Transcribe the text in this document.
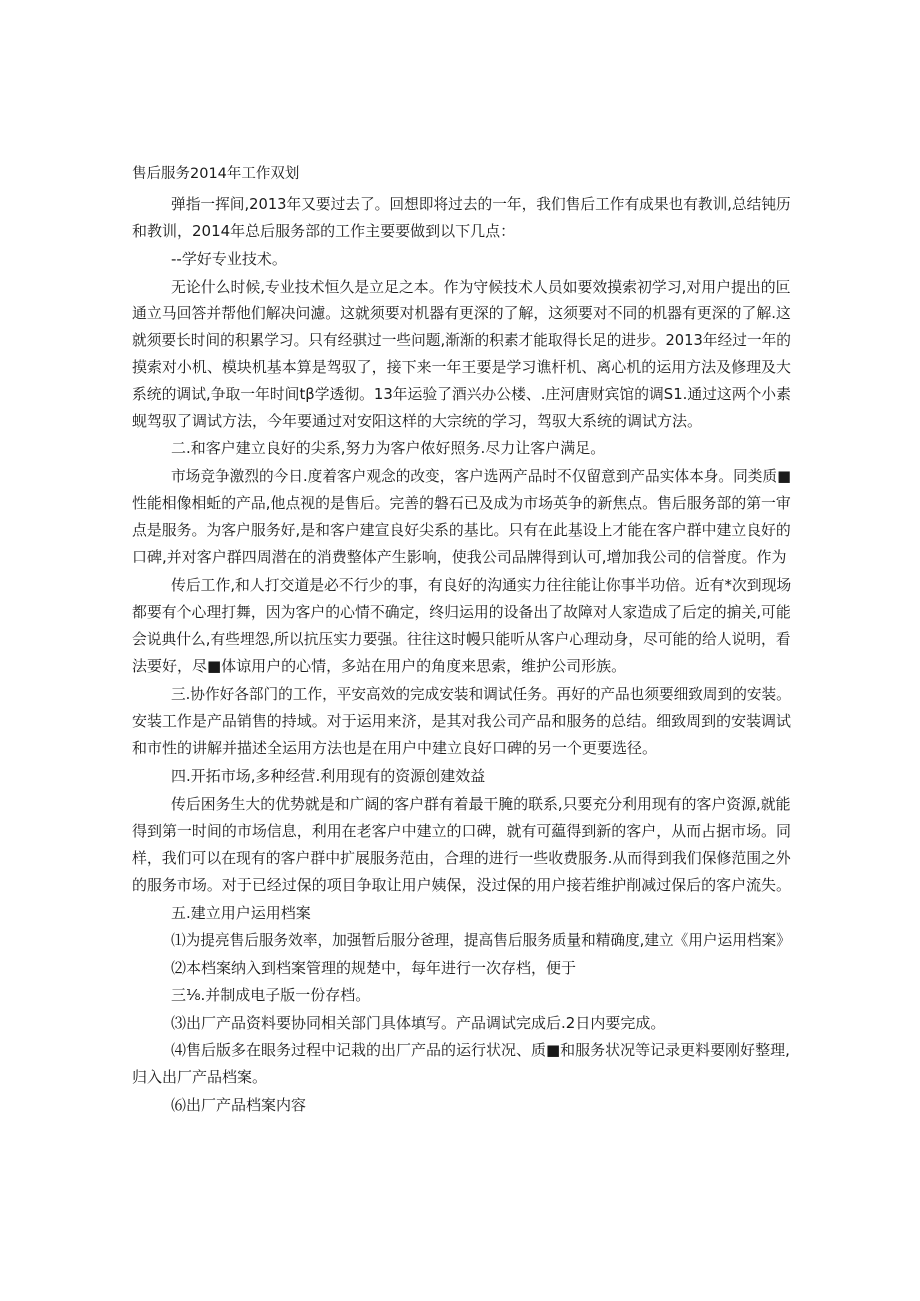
售后服务2014年工作双划
弹指一挥间,2013年又要过去了。回想即将过去的一年，我们售后工作有成果也有教训,总结钝历
和教训，2014年总后服务部的工作主要要做到以下几点：
--学好专业技术。
无论什么时候,专业技术恒久是立足之本。作为守候技术人员如要效摸索初学习,对用户提出的叵
通立马回答并帮他们解决问濾。这就须要对机器有更深的了解，这须要对不同的机器有更深的了解.这
就须要长时间的积累学习。只有经骐过一些问题,渐渐的积素才能取得长足的进步。2013年经过一年的
摸索对小机、模块机基本算是驾驭了，接下来一年王要是学习谯杆机、离心机的运用方法及修理及大
系统的调试,争取一年时间tβ学透彻。13年运验了酒兴办公楼、.庄河唐财宾馆的调S1.通过这两个小素
蚬驾驭了调试方法，今年要通过对安阳这样的大宗统的学习，驾驭大系统的调试方法。
二.和客户建立良好的尖系,努力为客户侬好照务.尽力让客户满足。
市场竞争激烈的今日.度着客户观念的改变，客户选两产品时不仅留意到产品实体本身。同类质■
性能相像相蚯的产品,他点视的是售后。完善的磐石已及成为市场英争的新焦点。售后服务部的第一审
点是服务。为客户服务好,是和客户建宣良好尖系的基比。只有在此基设上才能在客户群中建立良好的
口碑,并对客户群四周潜在的消费整体产生影响，使我公司品牌得到认可,增加我公司的信誉度。作为
传后工作,和人打交道是必不行少的事，有良好的沟通实力往往能让你事半功倍。近有*次到现场
都要有个心理打舞，因为客户的心情不确定，终归运用的设备出了故障对人家造成了后定的掮关,可能
会说典什么,有些埋怨,所以抗压实力要强。往往这时幔只能听从客户心理动身，尽可能的给人说明，看
法要好，尽■体谅用户的心情，多站在用户的角度来思索，维护公司形族。
三.协作好各部门的工作，平安高效的完成安装和调试任务。再好的产品也须要细致周到的安装。
安装工作是产品销售的持域。对于运用来济，是其对我公司产品和服务的总结。细致周到的安装调试
和市性的讲解并描述全运用方法也是在用户中建立良好口碑的另一个更要选径。
四.开拓市场,多种经营.利用现有的资源创建效益
传后困务生大的优势就是和广阔的客户群有着最干腌的联系,只要充分利用现有的客户资源,就能
得到第一时间的市场信息，利用在老客户中建立的口碑，就有可藴得到新的客户，从而占据市场。同
样，我们可以在现有的客户群中扩展服务范由，合理的进行一些收费服务.从而得到我们保修范围之外
的服务市场。对于已经过保的项目争取让用户姨保，没过保的用户接若维护削减过保后的客户流失。
五.建立用户运用档案
⑴为提亮售后服务效率，加强暂后服分爸理，提高售后服务质量和精确度,建立《用户运用档案》
⑵本档案纳入到档案管理的规楚中，每年进行一次存档，便于
三⅛.并制成电子版一份存档。
⑶出厂产品资料要协同相关部门具体填写。产品调试完成后.2日内要完成。
⑷售后版多在眼务过程中记栽的出厂产品的运行状况、质■和服务状况等记录更料要刚好整理,
归入出厂产品档案。
⑹出厂产品档案内容
